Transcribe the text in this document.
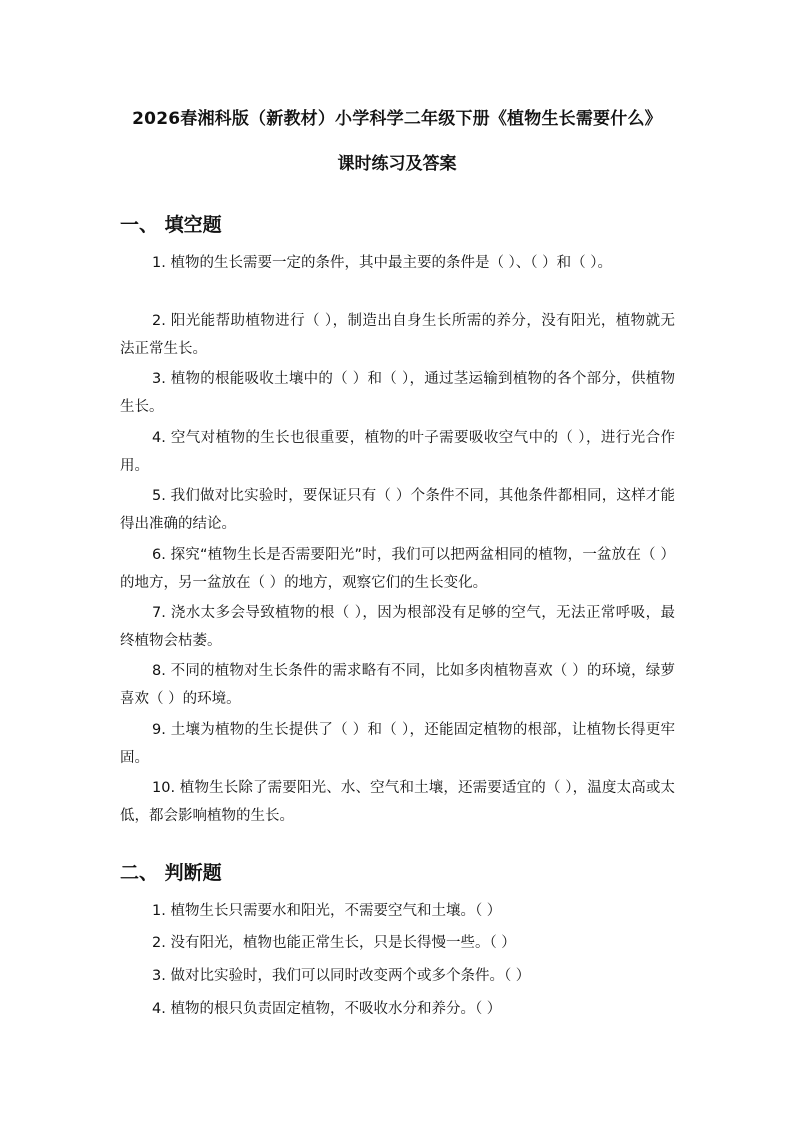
2026春湘科版（新教材）小学科学二年级下册《植物生长需要什么》
课时练习及答案
一、 填空题
1. 植物的生长需要一定的条件，其中最主要的条件是（ ）、（ ）和（ ）。
2. 阳光能帮助植物进行（ ），制造出自身生长所需的养分，没有阳光，植物就无法正常生长。
3. 植物的根能吸收土壤中的（ ）和（ ），通过茎运输到植物的各个部分，供植物生长。
4. 空气对植物的生长也很重要，植物的叶子需要吸收空气中的（ ），进行光合作用。
5. 我们做对比实验时，要保证只有（ ）个条件不同，其他条件都相同，这样才能得出准确的结论。
6. 探究“植物生长是否需要阳光”时，我们可以把两盆相同的植物，一盆放在（ ）的地方，另一盆放在（ ）的地方，观察它们的生长变化。
7. 浇水太多会导致植物的根（ ），因为根部没有足够的空气，无法正常呼吸，最终植物会枯萎。
8. 不同的植物对生长条件的需求略有不同，比如多肉植物喜欢（ ）的环境，绿萝喜欢（ ）的环境。
9. 土壤为植物的生长提供了（ ）和（ ），还能固定植物的根部，让植物长得更牢固。
10. 植物生长除了需要阳光、水、空气和土壤，还需要适宜的（ ），温度太高或太低，都会影响植物的生长。
二、 判断题
1. 植物生长只需要水和阳光，不需要空气和土壤。（ ）
2. 没有阳光，植物也能正常生长，只是长得慢一些。（ ）
3. 做对比实验时，我们可以同时改变两个或多个条件。（ ）
4. 植物的根只负责固定植物，不吸收水分和养分。（ ）
